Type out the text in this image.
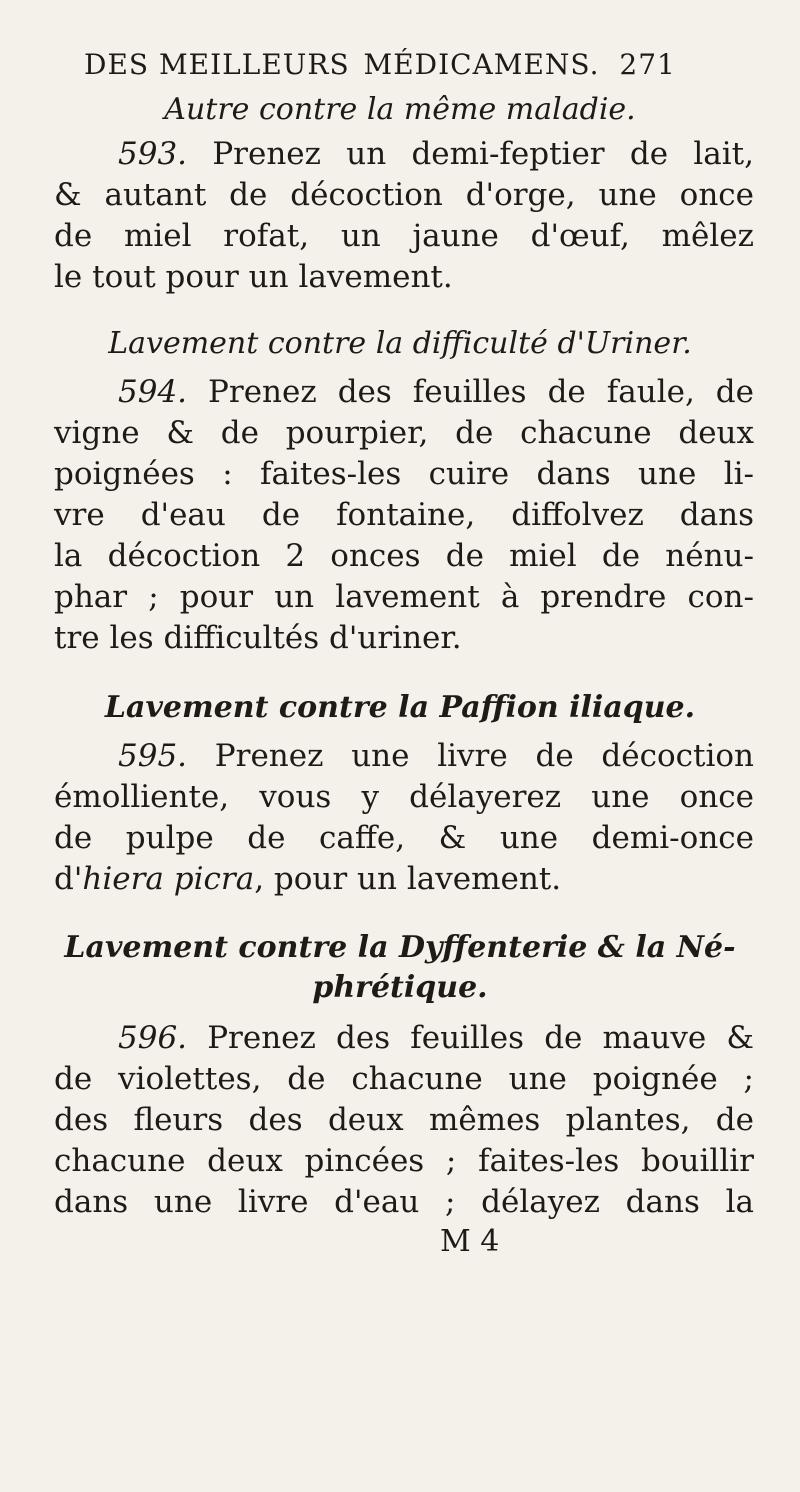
DES MEILLEURS MÉDICAMENS. 271
Autre contre la même maladie.
593. Prenez un demi-feptier de lait,
& autant de décoction d'orge, une once
de miel rofat, un jaune d'œuf, mêlez
le tout pour un lavement.
Lavement contre la difficulté d'Uriner.
594. Prenez des feuilles de faule, de
vigne & de pourpier, de chacune deux
poignées : faites-les cuire dans une li-
vre d'eau de fontaine, diffolvez dans
la décoction 2 onces de miel de nénu-
phar ; pour un lavement à prendre con-
tre les difficultés d'uriner.
Lavement contre la Paffion iliaque.
595. Prenez une livre de décoction
émolliente, vous y délayerez une once
de pulpe de caffe, & une demi-once
d'hiera picra, pour un lavement.
Lavement contre la Dyffenterie & la Né-
phrétique.
596. Prenez des feuilles de mauve &
de violettes, de chacune une poignée ;
des fleurs des deux mêmes plantes, de
chacune deux pincées ; faites-les bouillir
dans une livre d'eau ; délayez dans la
M 4
